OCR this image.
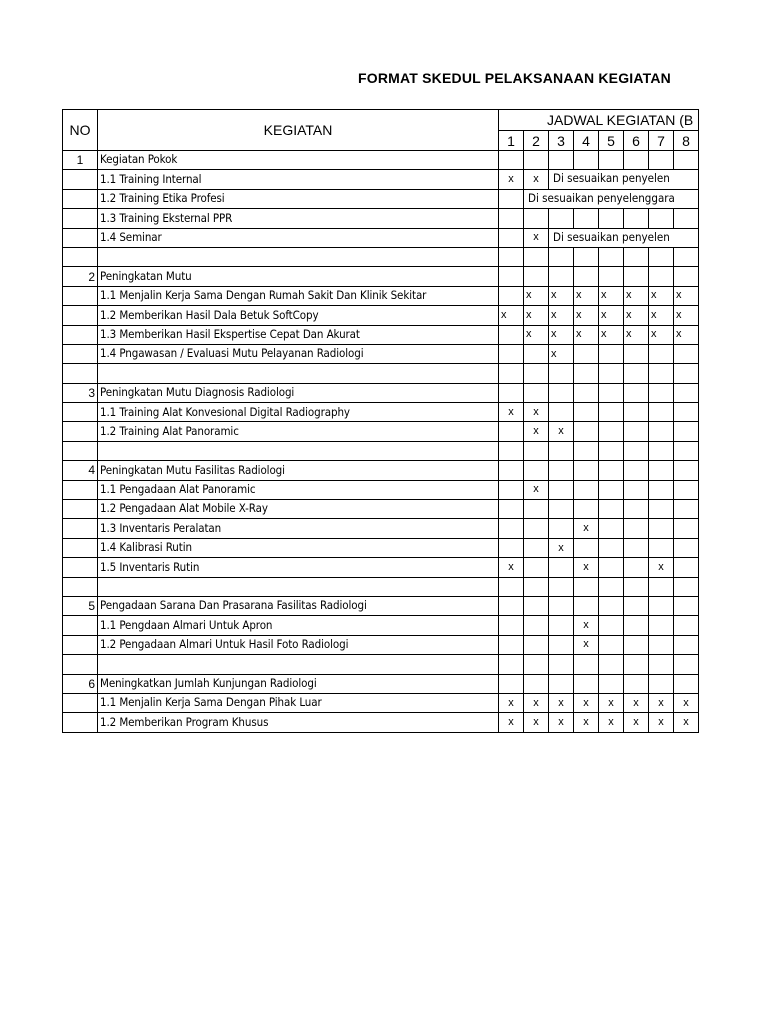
FORMAT SKEDUL PELAKSANAAN KEGIATAN
NO	KEGIATAN	JADWAL KEGIATAN (B							
		1	2	3	4	5	6	7	8
1	Kegiatan Pokok								
	1.1 Training Internal	x	x	Di sesuaikan penyelen					

	1.2 Training Etika Profesi		Di sesuaikan penyelenggara						

	1.3 Training Eksternal PPR								
	1.4 Seminar		x	Di sesuaikan penyelen					

2	Peningkatan Mutu								
	1.1 Menjalin Kerja Sama Dengan Rumah Sakit Dan Klinik Sekitar		x	x	x	x	x	x	x
	1.2 Memberikan Hasil Dala Betuk SoftCopy	x	x	x	x	x	x	x	x
	1.3 Memberikan Hasil Ekspertise Cepat Dan Akurat		x	x	x	x	x	x	x
	1.4 Pngawasan / Evaluasi Mutu Pelayanan Radiologi			x					

3	Peningkatan Mutu Diagnosis Radiologi								
	1.1 Training Alat Konvesional Digital Radiography	x	x						
	1.2 Training Alat Panoramic		x	x					

4	Peningkatan Mutu Fasilitas Radiologi								
	1.1 Pengadaan Alat Panoramic		x						
	1.2 Pengadaan Alat Mobile X-Ray								
	1.3 Inventaris Peralatan				x				
	1.4 Kalibrasi Rutin			x					
	1.5 Inventaris Rutin	x			x			x	

5	Pengadaan Sarana Dan Prasarana Fasilitas Radiologi								
	1.1 Pengdaan Almari Untuk Apron				x				
	1.2 Pengadaan Almari Untuk Hasil Foto Radiologi				x				

6	Meningkatkan Jumlah Kunjungan Radiologi								
	1.1 Menjalin Kerja Sama Dengan Pihak Luar	x	x	x	x	x	x	x	x
	1.2 Memberikan Program Khusus	x	x	x	x	x	x	x	x
